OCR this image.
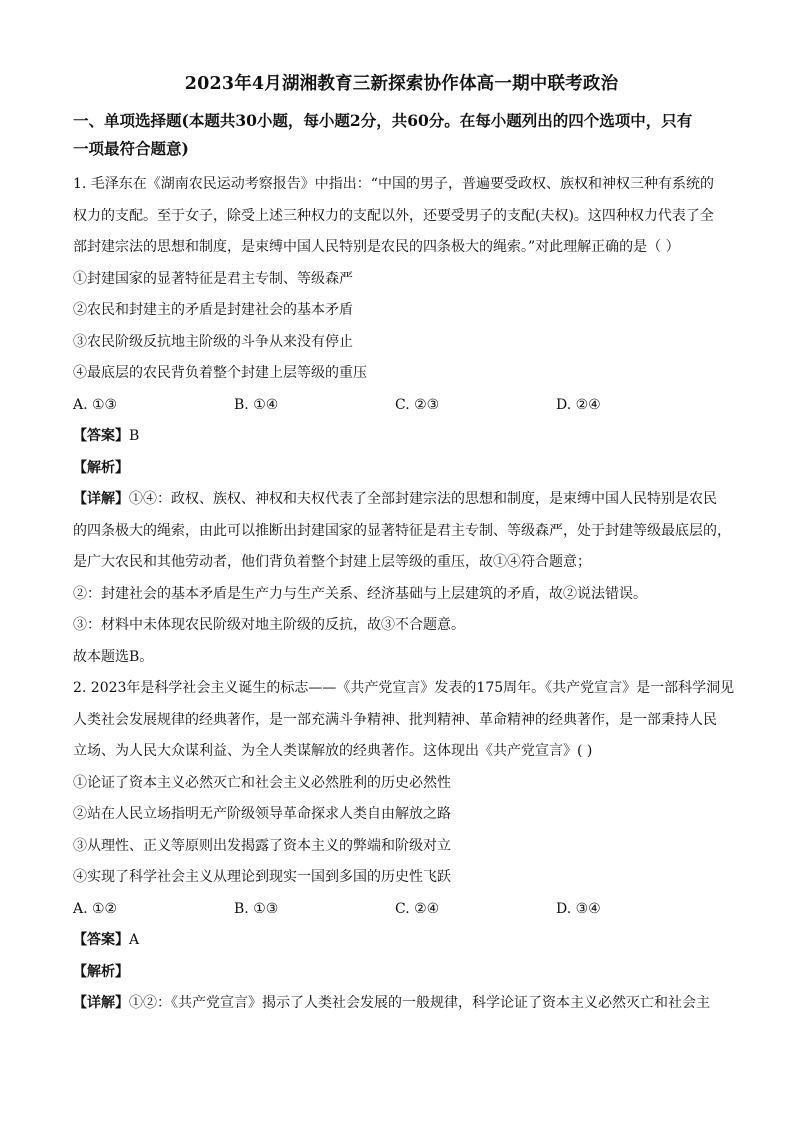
2023年4月湖湘教育三新探索协作体高一期中联考政治
一、单项选择题(本题共30小题，每小题2分，共60分。在每小题列出的四个选项中，只有
一项最符合题意)

1. 毛泽东在《湖南农民运动考察报告》中指出：“中国的男子，普遍要受政权、族权和神权三种有系统的

权力的支配。至于女子，除受上述三种权力的支配以外，还要受男子的支配(夫权)。这四种权力代表了全

部封建宗法的思想和制度，是束缚中国人民特别是农民的四条极大的绳索。”对此理解正确的是（ ）

①封建国家的显著特征是君主专制、等级森严

②农民和封建主的矛盾是封建社会的基本矛盾

③农民阶级反抗地主阶级的斗争从来没有停止

④最底层的农民背负着整个封建上层等级的重压

A. ①③	B. ①④	C. ②③	D. ②④

【答案】B

【解析】

【详解】①④：政权、族权、神权和夫权代表了全部封建宗法的思想和制度，是束缚中国人民特别是农民

的四条极大的绳索，由此可以推断出封建国家的显著特征是君主专制、等级森严，处于封建等级最底层的，

是广大农民和其他劳动者，他们背负着整个封建上层等级的重压，故①④符合题意；

②：封建社会的基本矛盾是生产力与生产关系、经济基础与上层建筑的矛盾，故②说法错误。

③：材料中未体现农民阶级对地主阶级的反抗，故③不合题意。

故本题选B。

2. 2023年是科学社会主义诞生的标志——《共产党宣言》发表的175周年。《共产党宣言》是一部科学洞见

人类社会发展规律的经典著作，是一部充满斗争精神、批判精神、革命精神的经典著作，是一部秉持人民

立场、为人民大众谋利益、为全人类谋解放的经典著作。这体现出《共产党宣言》( )

①论证了资本主义必然灭亡和社会主义必然胜利的历史必然性

②站在人民立场指明无产阶级领导革命探求人类自由解放之路

③从理性、正义等原则出发揭露了资本主义的弊端和阶级对立

④实现了科学社会主义从理论到现实一国到多国的历史性飞跃

A. ①②	B. ①③	C. ②④	D. ③④

【答案】A

【解析】

【详解】①②：《共产党宣言》揭示了人类社会发展的一般规律，科学论证了资本主义必然灭亡和社会主
